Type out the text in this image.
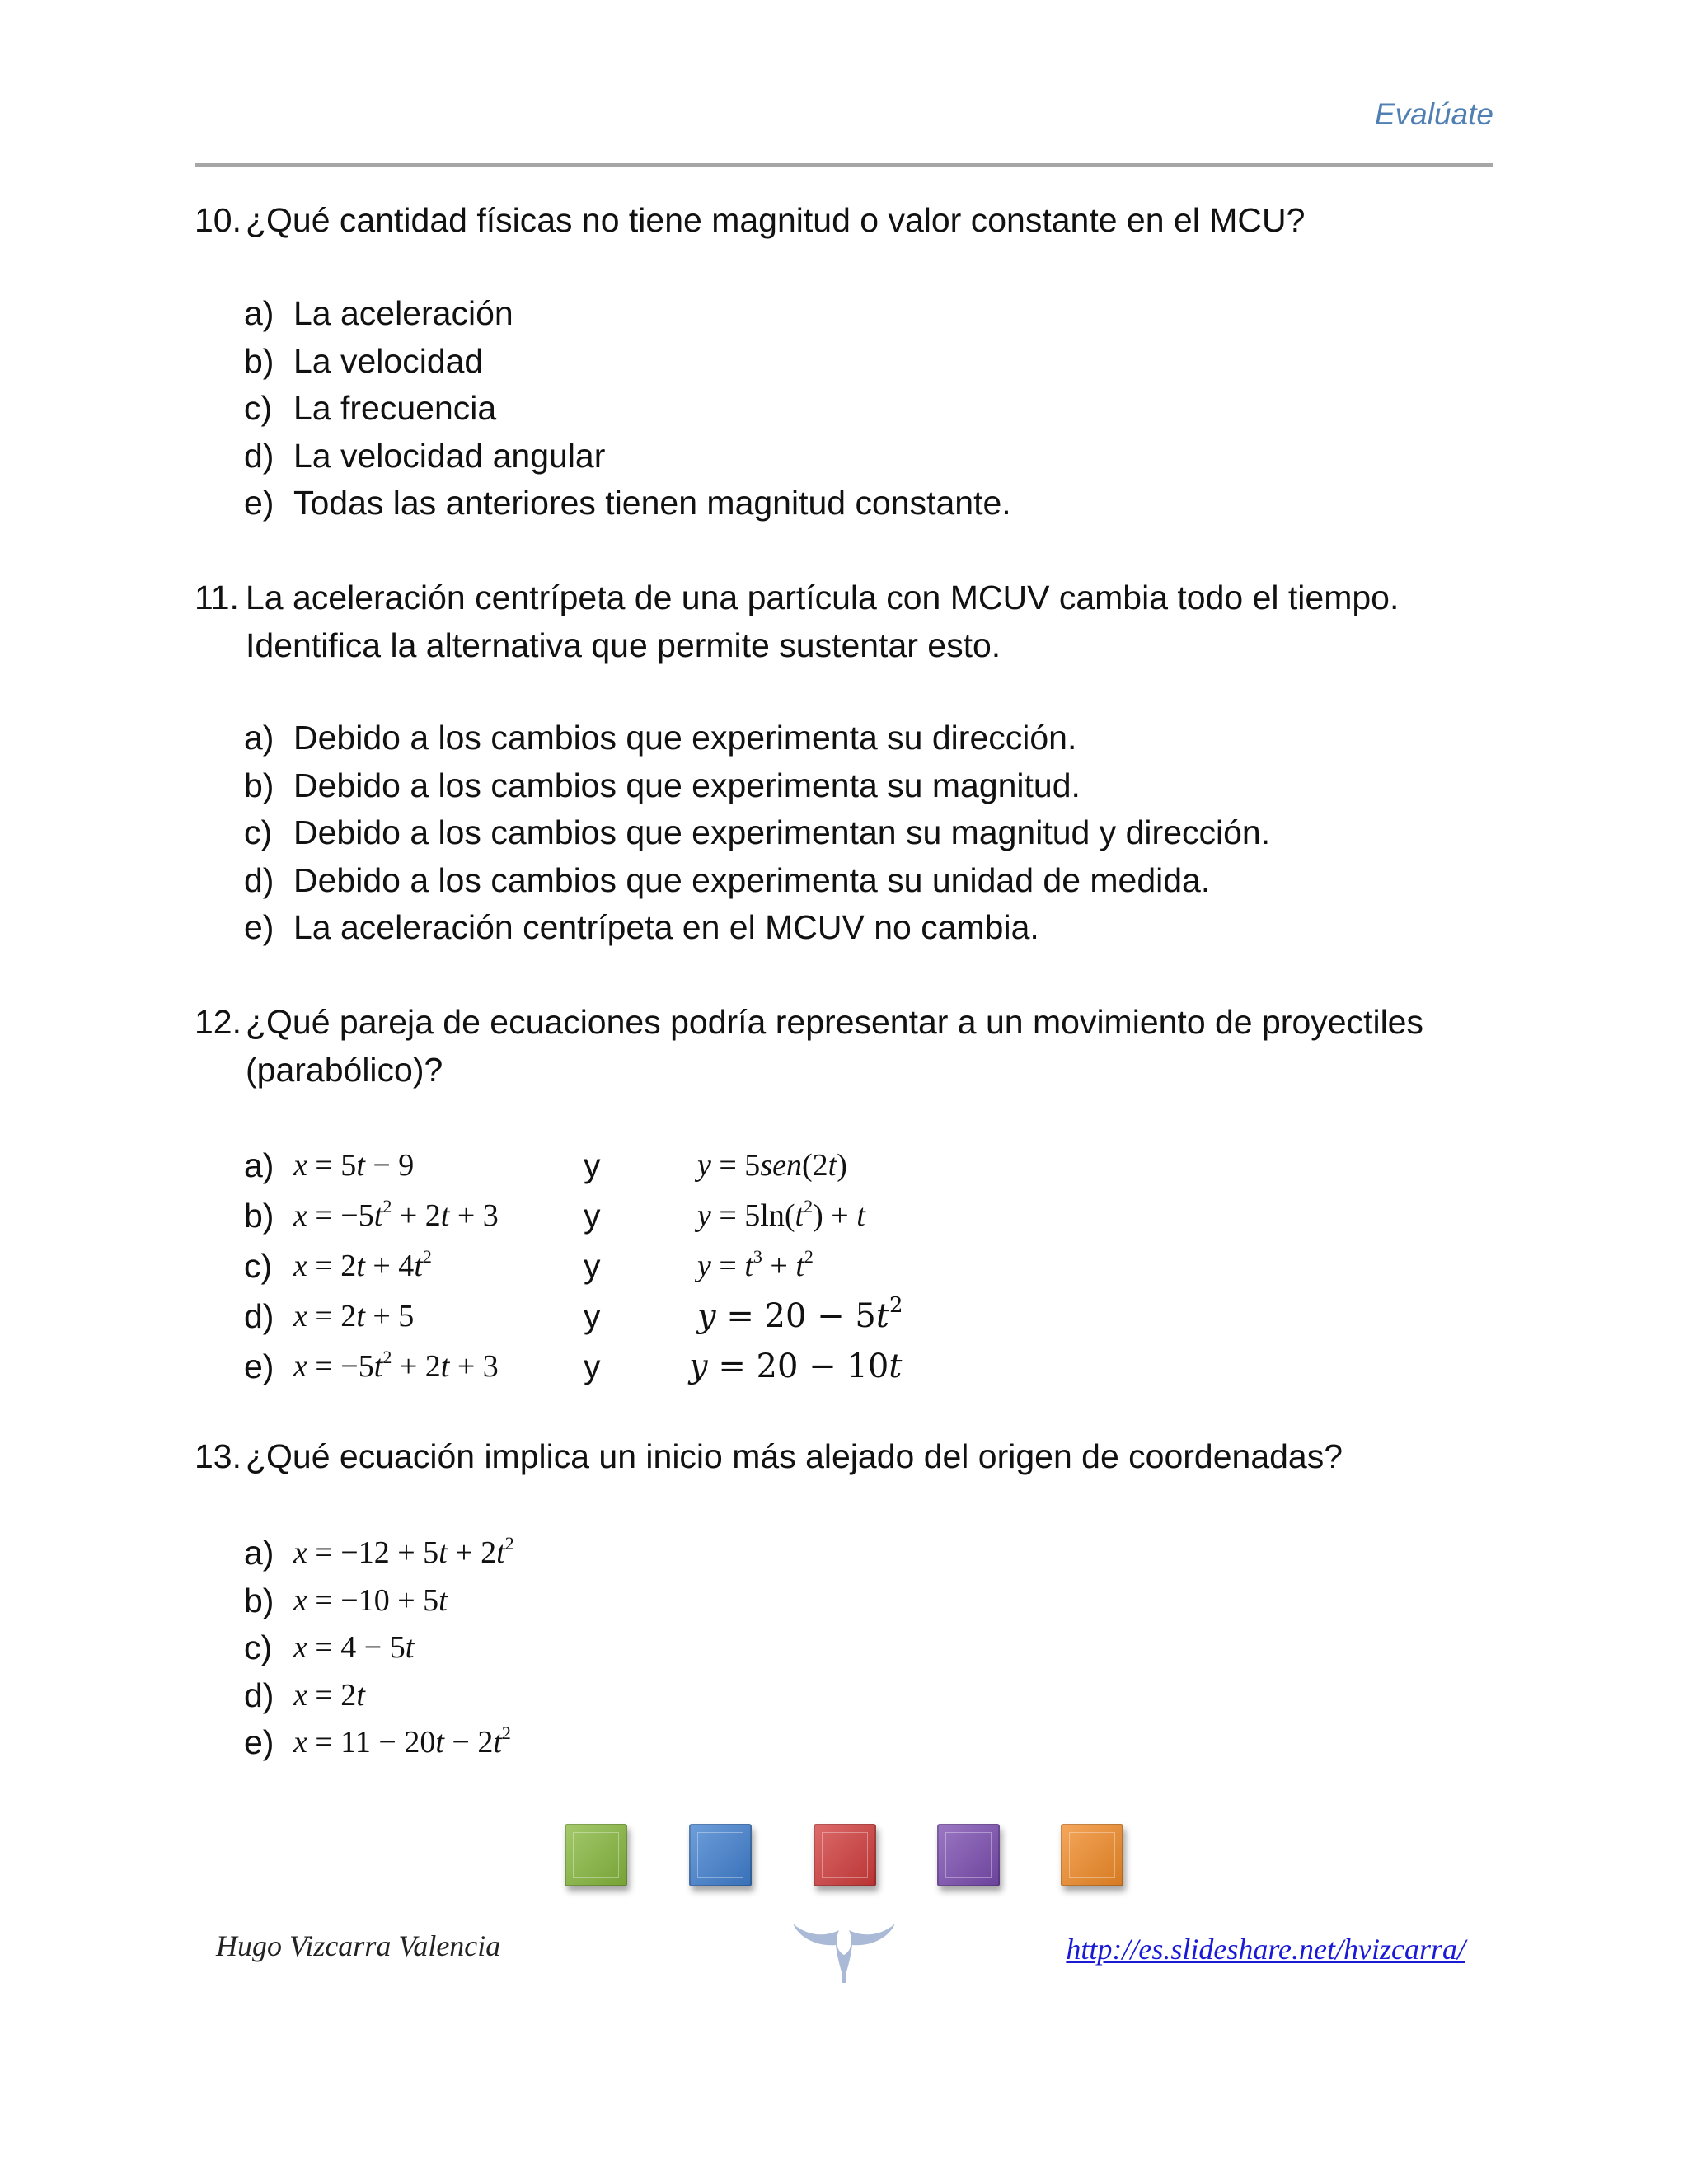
Evalúate
10. ¿Qué cantidad físicas no tiene magnitud o valor constante en el MCU?
a) La aceleración
b) La velocidad
c) La frecuencia
d) La velocidad angular
e) Todas las anteriores tienen magnitud constante.
11. La aceleración centrípeta de una partícula con MCUV cambia todo el tiempo.
Identifica la alternativa que permite sustentar esto.
a) Debido a los cambios que experimenta su dirección.
b) Debido a los cambios que experimenta su magnitud.
c) Debido a los cambios que experimentan su magnitud y dirección.
d) Debido a los cambios que experimenta su unidad de medida.
e) La aceleración centrípeta en el MCUV no cambia.
12. ¿Qué pareja de ecuaciones podría representar a un movimiento de proyectiles
(parabólico)?
a) x = 5t − 9	y	y = 5sen(2t)
b) $x = -5t^2 + 2t + 3$	y	$y = 5\ln(t^2) + t$
c) $x = 2t + 4t^2$	y	$y = t^3 + t^2$
d) x = 2t + 5	y	$y = 20 - 5t^2$
e) $x = -5t^2 + 2t + 3$	y	y = 20 − 10t
13. ¿Qué ecuación implica un inicio más alejado del origen de coordenadas?
a) $x = -12 + 5t + 2t^2$
b) x = −10 + 5t
c) x = 4 − 5t
d) x = 2t
e) $x = 11 - 20t - 2t^2$
Hugo Vizcarra Valencia	http://es.slideshare.net/hvizcarra/
